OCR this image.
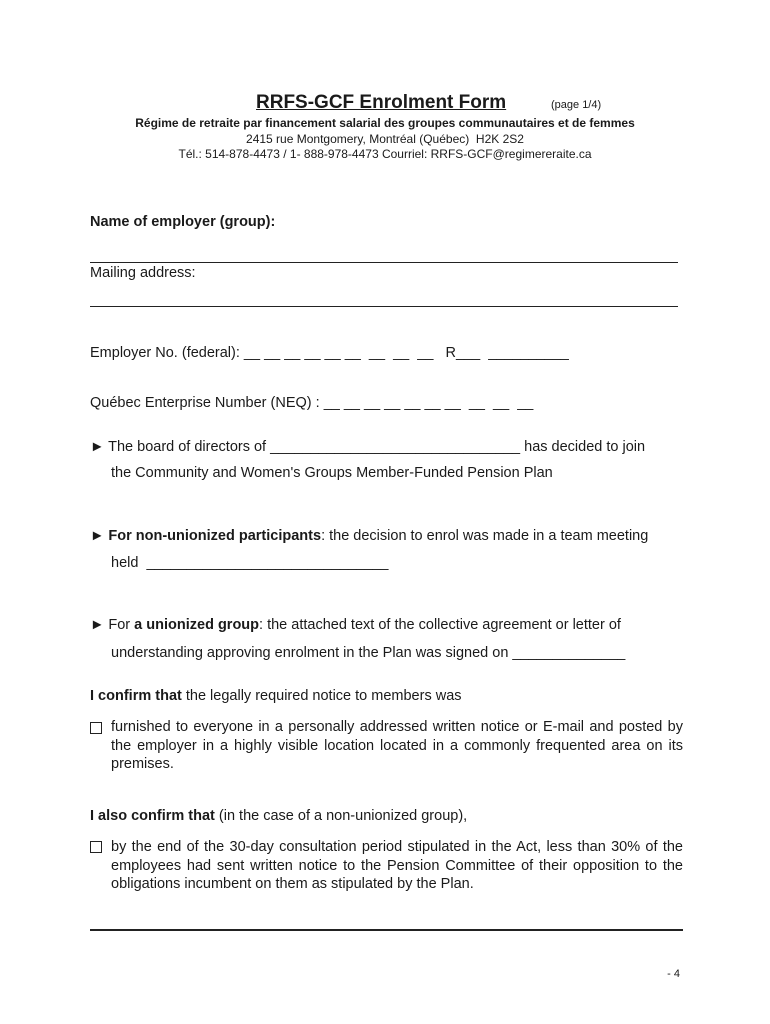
RRFS-GCF Enrolment Form	(page 1/4)
Régime de retraite par financement salarial des groupes communautaires et de femmes
2415 rue Montgomery, Montréal (Québec)  H2K 2S2
Tél.: 514-878-4473 / 1- 888-978-4473 Courriel: RRFS-GCF@regimereraite.ca
Name of employer (group):
Mailing address:
Employer No. (federal): __ __ __ __ __ __  __  __  __   R___  __________
Québec Enterprise Number (NEQ) : __ __ __ __ __ __ __  __  __  __
► The board of directors of _______________________________ has decided to join
the Community and Women's Groups Member-Funded Pension Plan
► For non-unionized participants: the decision to enrol was made in a team meeting
held  ______________________________
► For a unionized group: the attached text of the collective agreement or letter of
understanding approving enrolment in the Plan was signed on ______________
I confirm that the legally required notice to members was
furnished to everyone in a personally addressed written notice or E-mail and posted by the employer in a highly visible location located in a commonly frequented area on its premises.
I also confirm that (in the case of a non-unionized group),
by the end of the 30-day consultation period stipulated in the Act, less than 30% of the employees had sent written notice to the Pension Committee of their opposition to the obligations incumbent on them as stipulated by the Plan.
- 4
